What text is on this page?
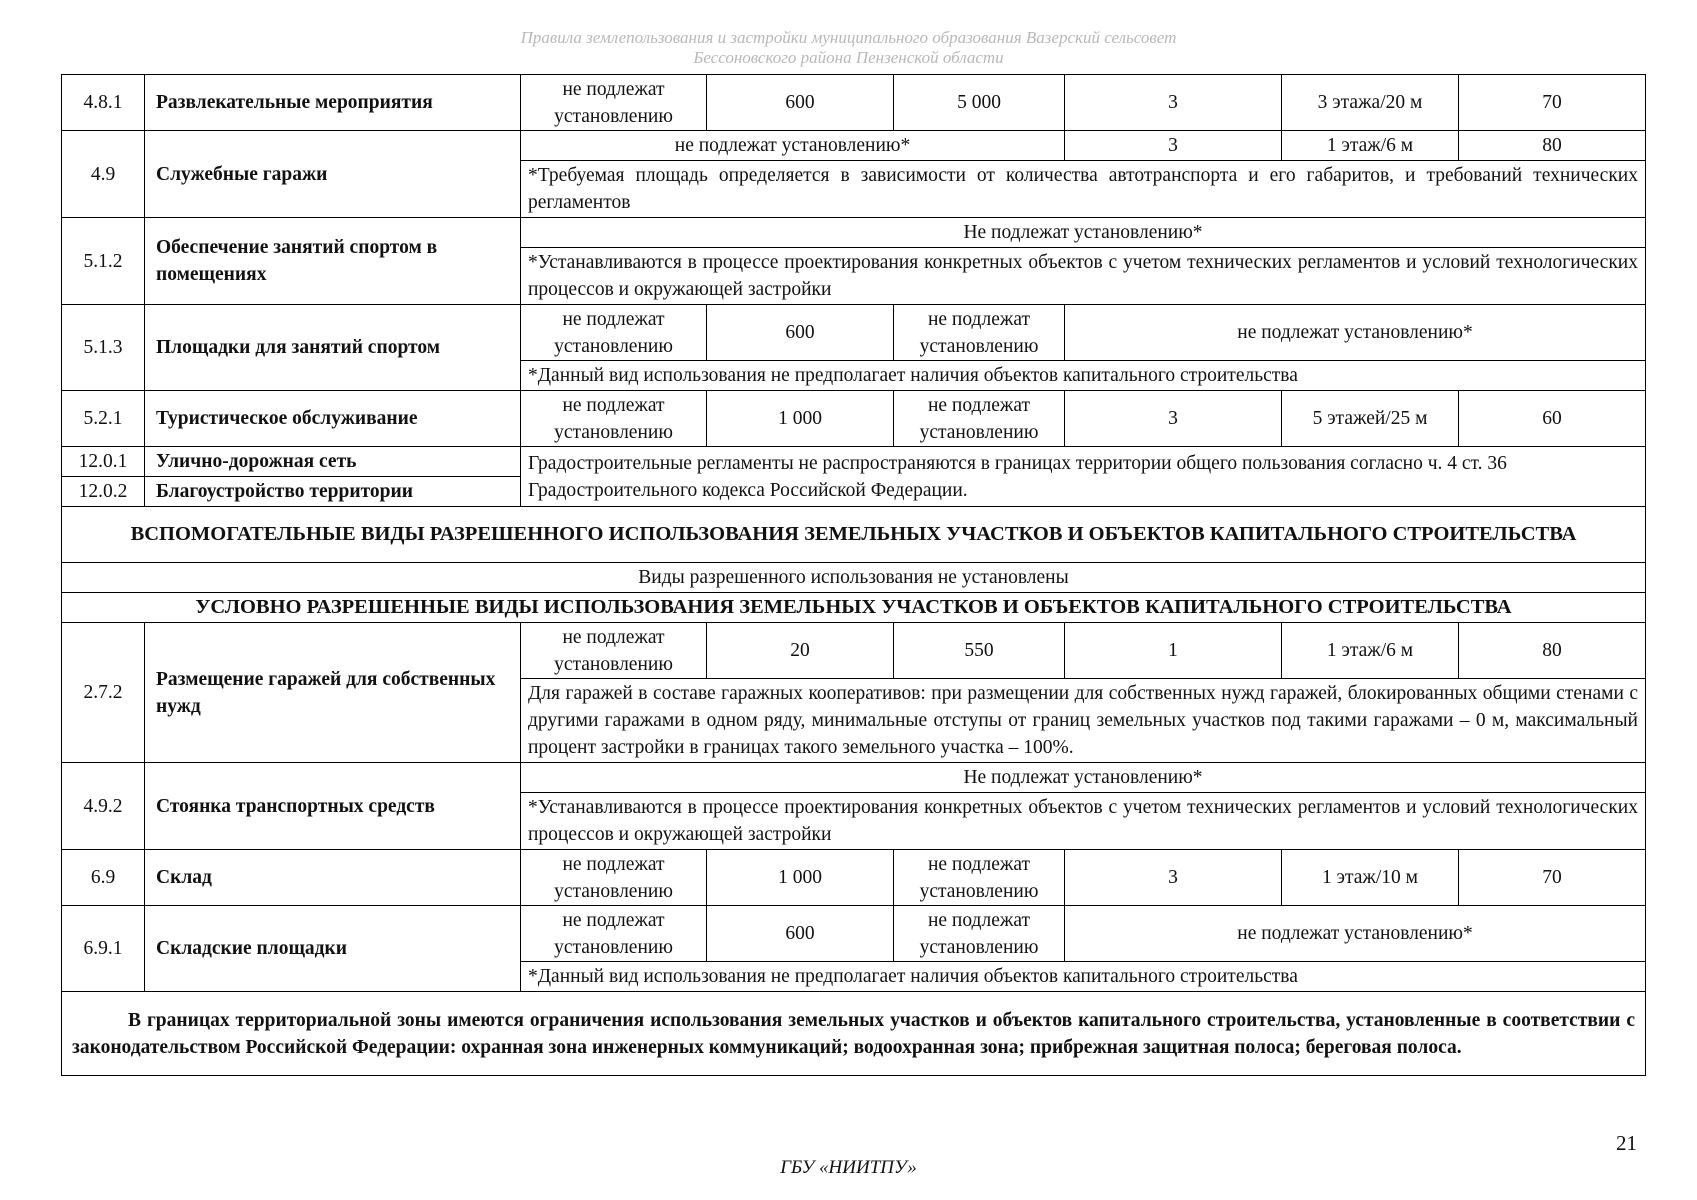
Правила землепользования и застройки муниципального образования Вазерский сельсовет
Бессоновского района Пензенской области
4.8.1	Развлекательные мероприятия	не подлежат установлению	600	5 000	3	3 этажа/20 м	70
4.9	Служебные гаражи	не подлежат установлению*			3	1 этаж/6 м	80
		*Требуемая площадь определяется в зависимости от количества автотранспорта и его габаритов, и требований технических регламентов					
5.1.2	Обеспечение занятий спортом в помещениях	Не подлежат установлению*					
		*Устанавливаются в процессе проектирования конкретных объектов с учетом технических регламентов и условий технологических процессов и окружающей застройки					
5.1.3	Площадки для занятий спортом	не подлежат установлению	600	не подлежат установлению	не подлежат установлению*		
		*Данный вид использования не предполагает наличия объектов капитального строительства					
5.2.1	Туристическое обслуживание	не подлежат установлению	1 000	не подлежат установлению	3	5 этажей/25 м	60
12.0.1	Улично-дорожная сеть	Градостроительные регламенты не распространяются в границах территории общего пользования согласно ч. 4 ст. 36 Градостроительного кодекса Российской Федерации.					
12.0.2	Благоустройство территории						
ВСПОМОГАТЕЛЬНЫЕ ВИДЫ РАЗРЕШЕННОГО ИСПОЛЬЗОВАНИЯ ЗЕМЕЛЬНЫХ УЧАСТКОВ И ОБЪЕКТОВ КАПИТАЛЬНОГО СТРОИТЕЛЬСТВА							
Виды разрешенного использования не установлены							
УСЛОВНО РАЗРЕШЕННЫЕ ВИДЫ ИСПОЛЬЗОВАНИЯ ЗЕМЕЛЬНЫХ УЧАСТКОВ И ОБЪЕКТОВ КАПИТАЛЬНОГО СТРОИТЕЛЬСТВА							
2.7.2	Размещение гаражей для собственных нужд	не подлежат установлению	20	550	1	1 этаж/6 м	80
		Для гаражей в составе гаражных кооперативов: при размещении для собственных нужд гаражей, блокированных общими стенами с другими гаражами в одном ряду, минимальные отступы от границ земельных участков под такими гаражами – 0 м, максимальный процент застройки в границах такого земельного участка – 100%.					
4.9.2	Стоянка транспортных средств	Не подлежат установлению*					
		*Устанавливаются в процессе проектирования конкретных объектов с учетом технических регламентов и условий технологических процессов и окружающей застройки					
6.9	Склад	не подлежат установлению	1 000	не подлежат установлению	3	1 этаж/10 м	70
6.9.1	Складские площадки	не подлежат установлению	600	не подлежат установлению	не подлежат установлению*		
		*Данный вид использования не предполагает наличия объектов капитального строительства					
В границах территориальной зоны имеются ограничения использования земельных участков и объектов капитального строительства, установленные в соответствии с законодательством Российской Федерации: охранная зона инженерных коммуникаций; водоохранная зона; прибрежная защитная полоса; береговая полоса.							
21
ГБУ «НИИТПУ»
